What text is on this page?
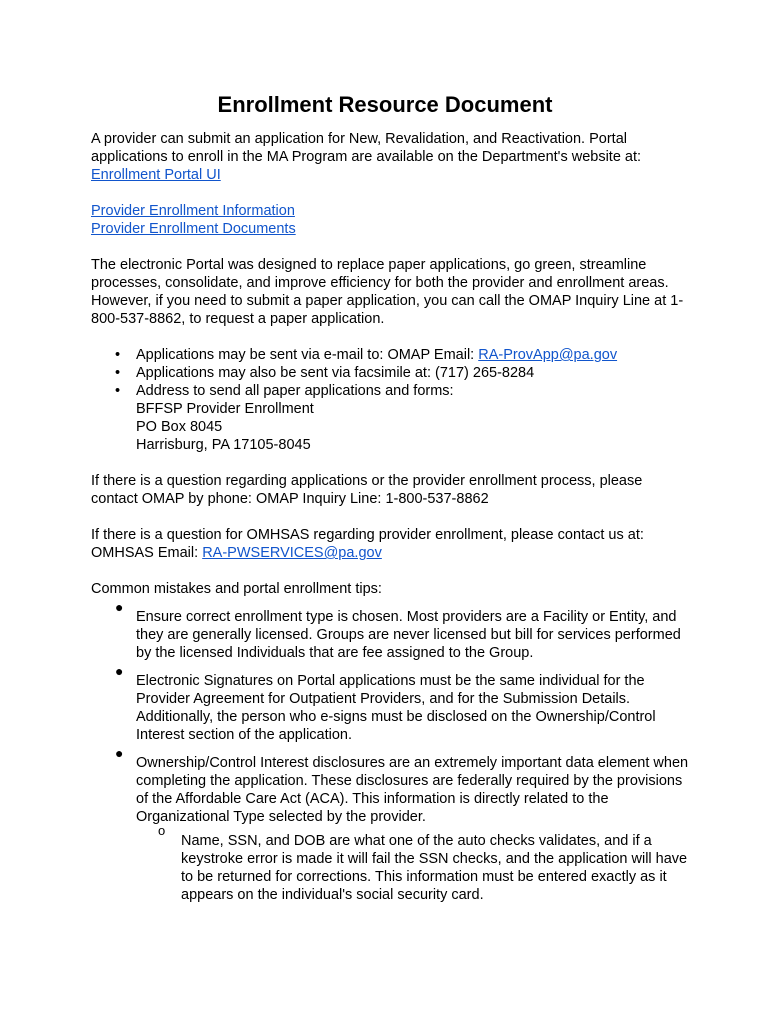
Enrollment Resource Document

A provider can submit an application for New, Revalidation, and Reactivation. Portal applications to enroll in the MA Program are available on the Department's website at:
Enrollment Portal UI

Provider Enrollment Information
Provider Enrollment Documents

The electronic Portal was designed to replace paper applications, go green, streamline processes, consolidate, and improve efficiency for both the provider and enrollment areas. However, if you need to submit a paper application, you can call the OMAP Inquiry Line at 1-800-537-8862, to request a paper application.

• Applications may be sent via e-mail to: OMAP Email: RA-ProvApp@pa.gov
• Applications may also be sent via facsimile at: (717) 265-8284
• Address to send all paper applications and forms:
BFFSP Provider Enrollment
PO Box 8045
Harrisburg, PA 17105-8045

If there is a question regarding applications or the provider enrollment process, please contact OMAP by phone: OMAP Inquiry Line: 1-800-537-8862

If there is a question for OMHSAS regarding provider enrollment, please contact us at: OMHSAS Email: RA-PWSERVICES@pa.gov

Common mistakes and portal enrollment tips:

●
Ensure correct enrollment type is chosen. Most providers are a Facility or Entity, and they are generally licensed. Groups are never licensed but bill for services performed by the licensed Individuals that are fee assigned to the Group.
●
Electronic Signatures on Portal applications must be the same individual for the Provider Agreement for Outpatient Providers, and for the Submission Details. Additionally, the person who e-signs must be disclosed on the Ownership/Control Interest section of the application.
●
Ownership/Control Interest disclosures are an extremely important data element when completing the application. These disclosures are federally required by the provisions of the Affordable Care Act (ACA). This information is directly related to the Organizational Type selected by the provider.
o
Name, SSN, and DOB are what one of the auto checks validates, and if a keystroke error is made it will fail the SSN checks, and the application will have to be returned for corrections. This information must be entered exactly as it appears on the individual's social security card.
